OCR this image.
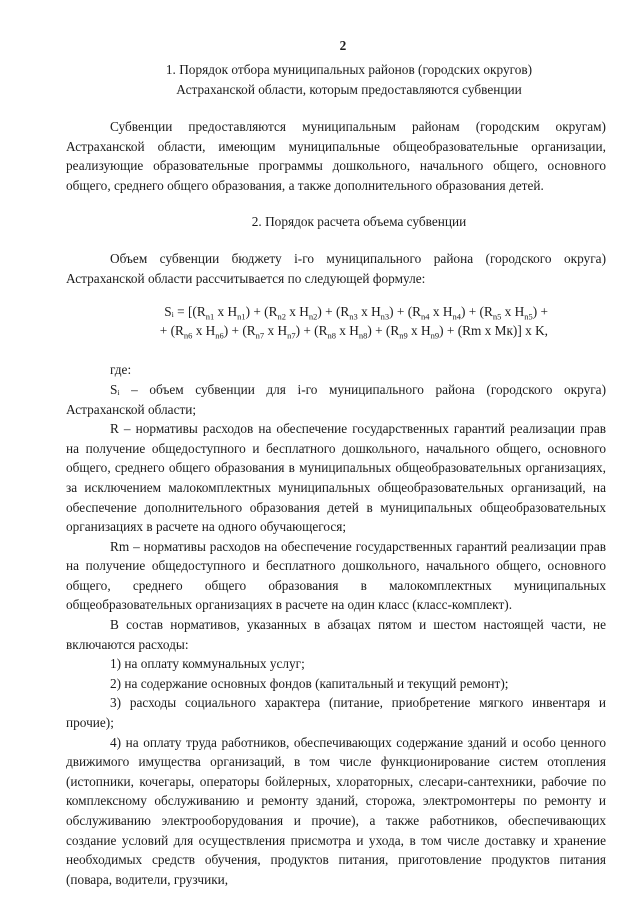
2
1. Порядок отбора муниципальных районов (городских округов)
Астраханской области, которым предоставляются субвенции

Субвенции предоставляются муниципальным районам (городским округам) Астраханской области, имеющим муниципальные общеобразовательные организации, реализующие образовательные программы дошкольного, начального общего, основного общего, среднего общего образования, а также дополнительного образования детей.

2. Порядок расчета объема субвенции

Объем субвенции бюджету i-го муниципального района (городского округа) Астраханской области рассчитывается по следующей формуле:

Sᵢ = [($R_{n1}$ x $H_{n1}) + (R_{n2}$ x $H_{n2}) + (R_{n3}$ x $H_{n3}) + (R_{n4}$ x $H_{n4}) + (R_{n5}$ x $H_{n5}$) +
+ ($R_{n6}$ x $H_{n6}) + (R_{n7}$ x $H_{n7}) + (R_{n8}$ x $H_{n8}) + (R_{n9}$ x $H_{n9}) + (Rm$ x Мк)] x K,

где:

Sᵢ – объем субвенции для i-го муниципального района (городского округа) Астраханской области;

R – нормативы расходов на обеспечение государственных гарантий реализации прав на получение общедоступного и бесплатного дошкольного, начального общего, основного общего, среднего общего образования в муниципальных общеобразовательных организациях, за исключением малокомплектных муниципальных общеобразовательных организаций, на обеспечение дополнительного образования детей в муниципальных общеобразовательных организациях в расчете на одного обучающегося;

Rm – нормативы расходов на обеспечение государственных гарантий реализации прав на получение общедоступного и бесплатного дошкольного, начального общего, основного общего, среднего общего образования в малокомплектных муниципальных общеобразовательных организациях в расчете на один класс (класс-комплект).

В состав нормативов, указанных в абзацах пятом и шестом настоящей части, не включаются расходы:

1) на оплату коммунальных услуг;

2) на содержание основных фондов (капитальный и текущий ремонт);

3) расходы социального характера (питание, приобретение мягкого инвентаря и прочие);

4) на оплату труда работников, обеспечивающих содержание зданий и особо ценного движимого имущества организаций, в том числе функционирование систем отопления (истопники, кочегары, операторы бойлерных, хлораторных, слесари-сантехники, рабочие по комплексному обслуживанию и ремонту зданий, сторожа, электромонтеры по ремонту и обслуживанию электрооборудования и прочие), а также работников, обеспечивающих создание условий для осуществления присмотра и ухода, в том числе доставку и хранение необходимых средств обучения, продуктов питания, приготовление продуктов питания (повара, водители, грузчики,
